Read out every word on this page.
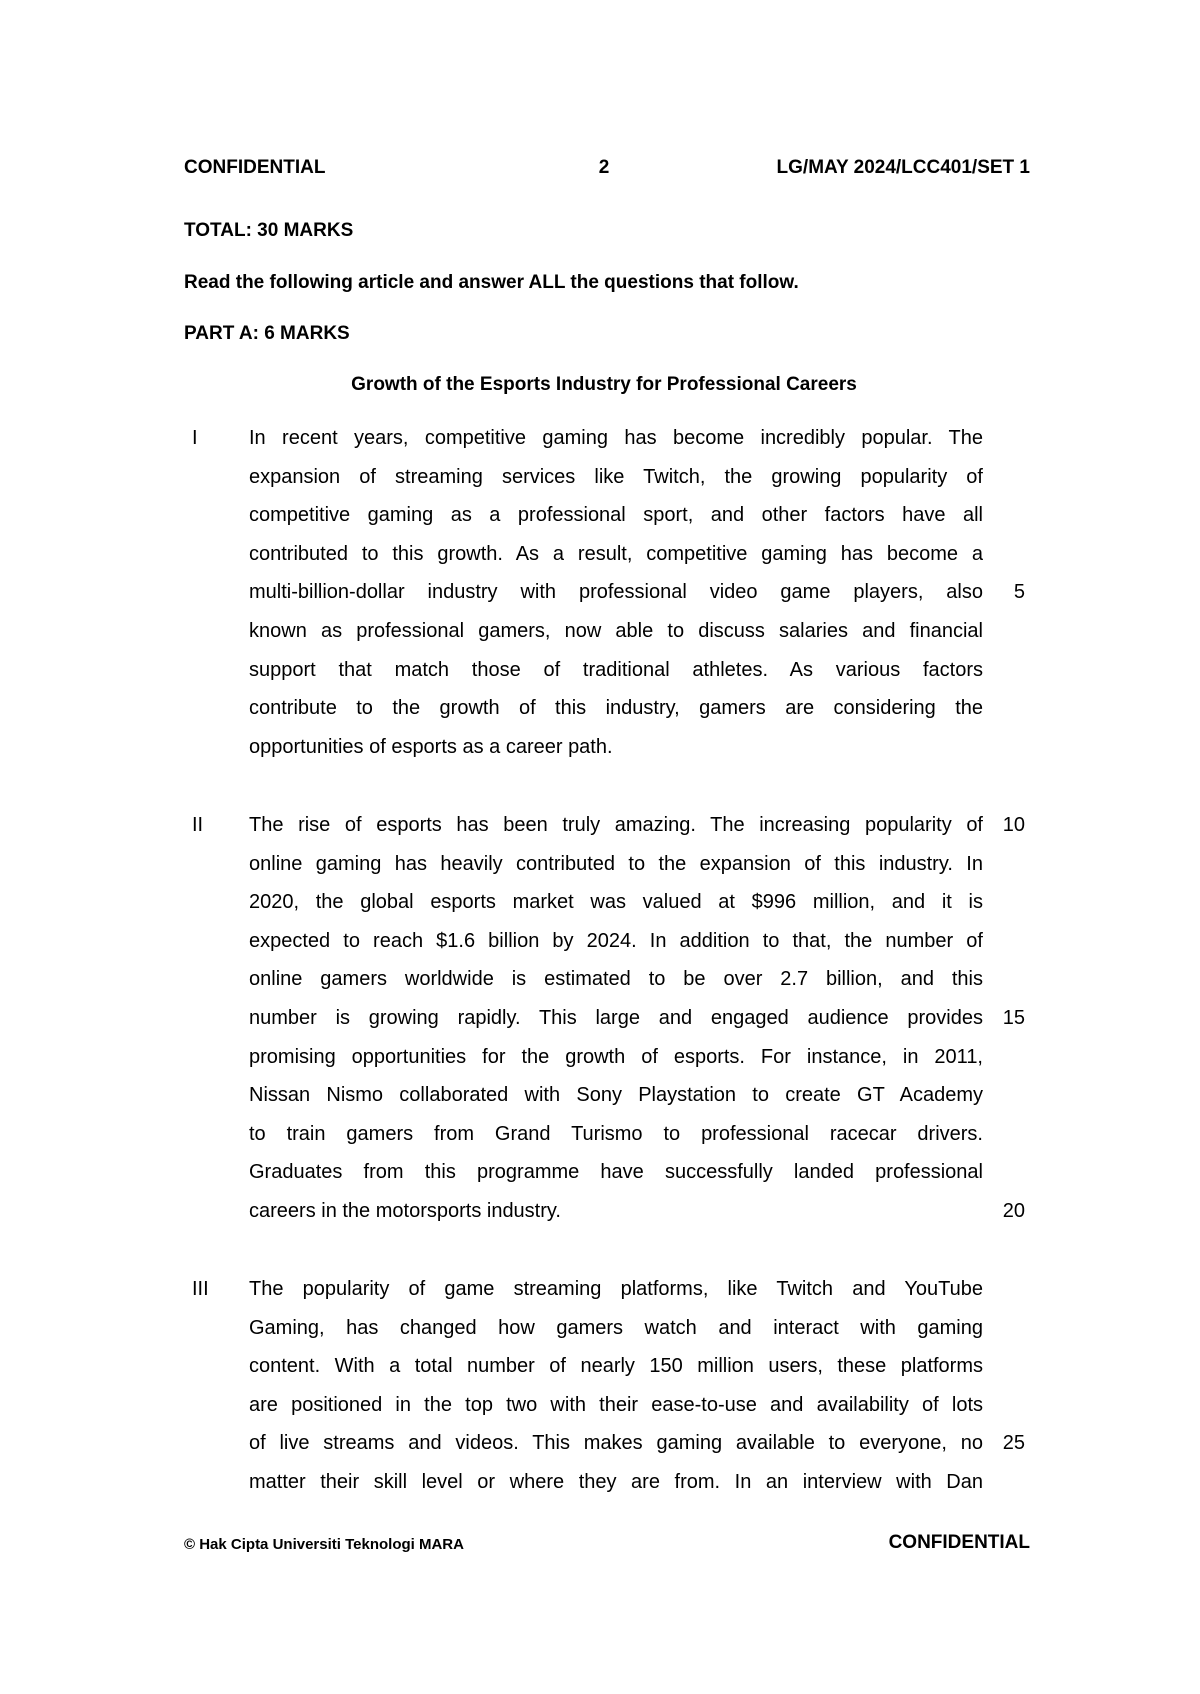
CONFIDENTIAL	2	LG/MAY 2024/LCC401/SET 1
TOTAL: 30 MARKS
Read the following article and answer ALL the questions that follow.
PART A: 6 MARKS
Growth of the Esports Industry for Professional Careers
I	In recent years, competitive gaming has become incredibly popular. The
expansion of streaming services like Twitch, the growing popularity of
competitive gaming as a professional sport, and other factors have all
contributed to this growth. As a result, competitive gaming has become a
multi-billion-dollar industry with professional video game players, also
known as professional gamers, now able to discuss salaries and financial
support that match those of traditional athletes. As various factors
contribute to the growth of this industry, gamers are considering the
opportunities of esports as a career path.
5
II The rise of esports has been truly amazing. The increasing popularity of
online gaming has heavily contributed to the expansion of this industry. In
2020, the global esports market was valued at $996 million, and it is
expected to reach $1.6 billion by 2024. In addition to that, the number of
online gamers worldwide is estimated to be over 2.7 billion, and this
number is growing rapidly. This large and engaged audience provides
promising opportunities for the growth of esports. For instance, in 2011,
Nissan Nismo collaborated with Sony Playstation to create GT Academy
to train gamers from Grand Turismo to professional racecar drivers.
Graduates from this programme have successfully landed professional
careers in the motorsports industry.
10
15
20
III The popularity of game streaming platforms, like Twitch and YouTube
Gaming, has changed how gamers watch and interact with gaming
content. With a total number of nearly 150 million users, these platforms
are positioned in the top two with their ease-to-use and availability of lots
of live streams and videos. This makes gaming available to everyone, no
matter their skill level or where they are from. In an interview with Dan
25
© Hak Cipta Universiti Teknologi MARA	CONFIDENTIAL
